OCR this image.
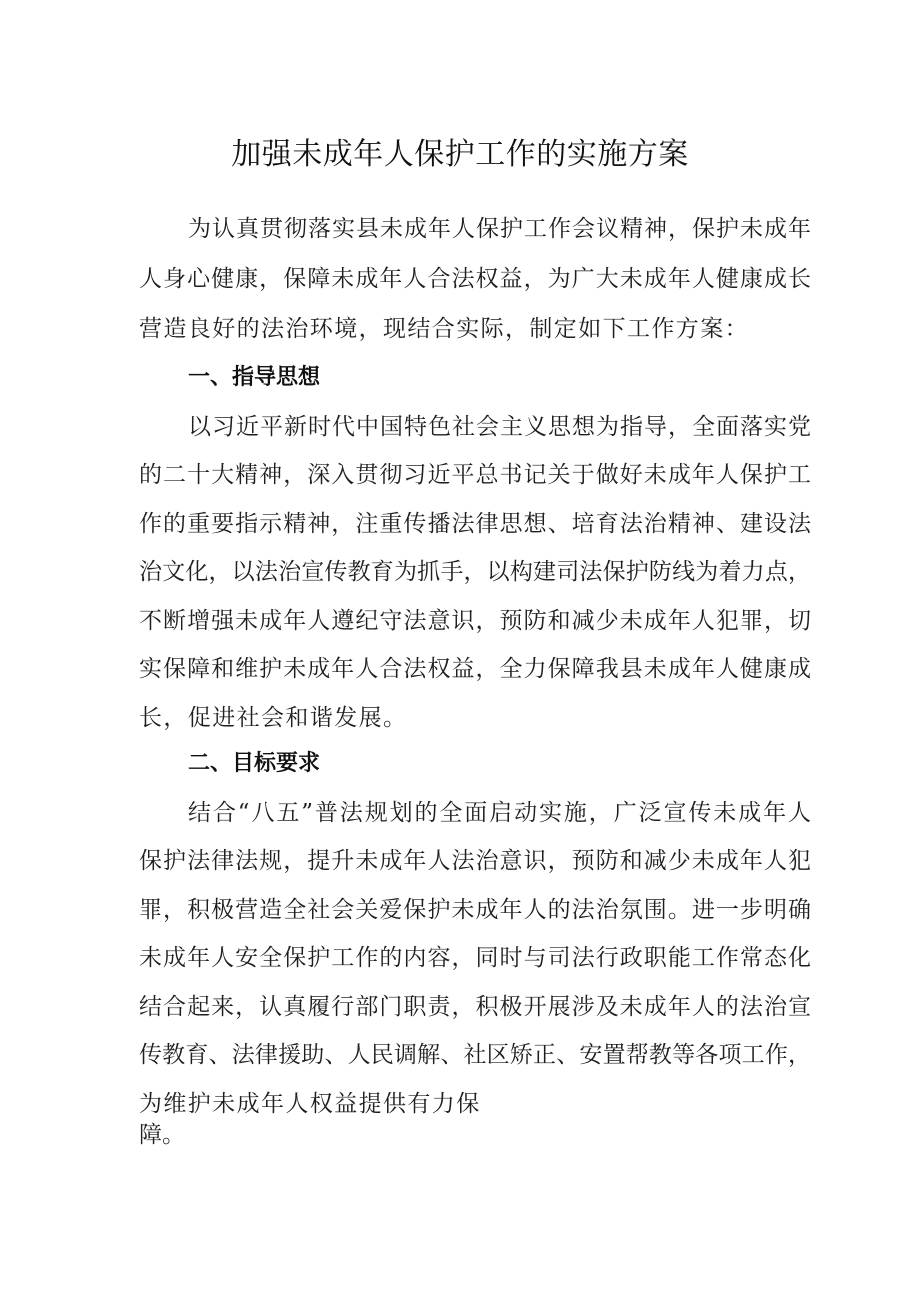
加强未成年人保护工作的实施方案
为认真贯彻落实县未成年人保护工作会议精神，保护未成年
人身心健康，保障未成年人合法权益，为广大未成年人健康成长
营造良好的法治环境，现结合实际，制定如下工作方案：
一、指导思想
以习近平新时代中国特色社会主义思想为指导，全面落实党
的二十大精神，深入贯彻习近平总书记关于做好未成年人保护工
作的重要指示精神，注重传播法律思想、培育法治精神、建设法
治文化，以法治宣传教育为抓手，以构建司法保护防线为着力点，
不断增强未成年人遵纪守法意识，预防和减少未成年人犯罪，切
实保障和维护未成年人合法权益，全力保障我县未成年人健康成
长，促进社会和谐发展。
二、目标要求
结合“八五”普法规划的全面启动实施，广泛宣传未成年人
保护法律法规，提升未成年人法治意识，预防和减少未成年人犯
罪，积极营造全社会关爱保护未成年人的法治氛围。进一步明确
未成年人安全保护工作的内容，同时与司法行政职能工作常态化
结合起来，认真履行部门职责，积极开展涉及未成年人的法治宣
传教育、法律援助、人民调解、社区矫正、安置帮教等各项工作，
为维护未成年人权益提供有力保
障。
